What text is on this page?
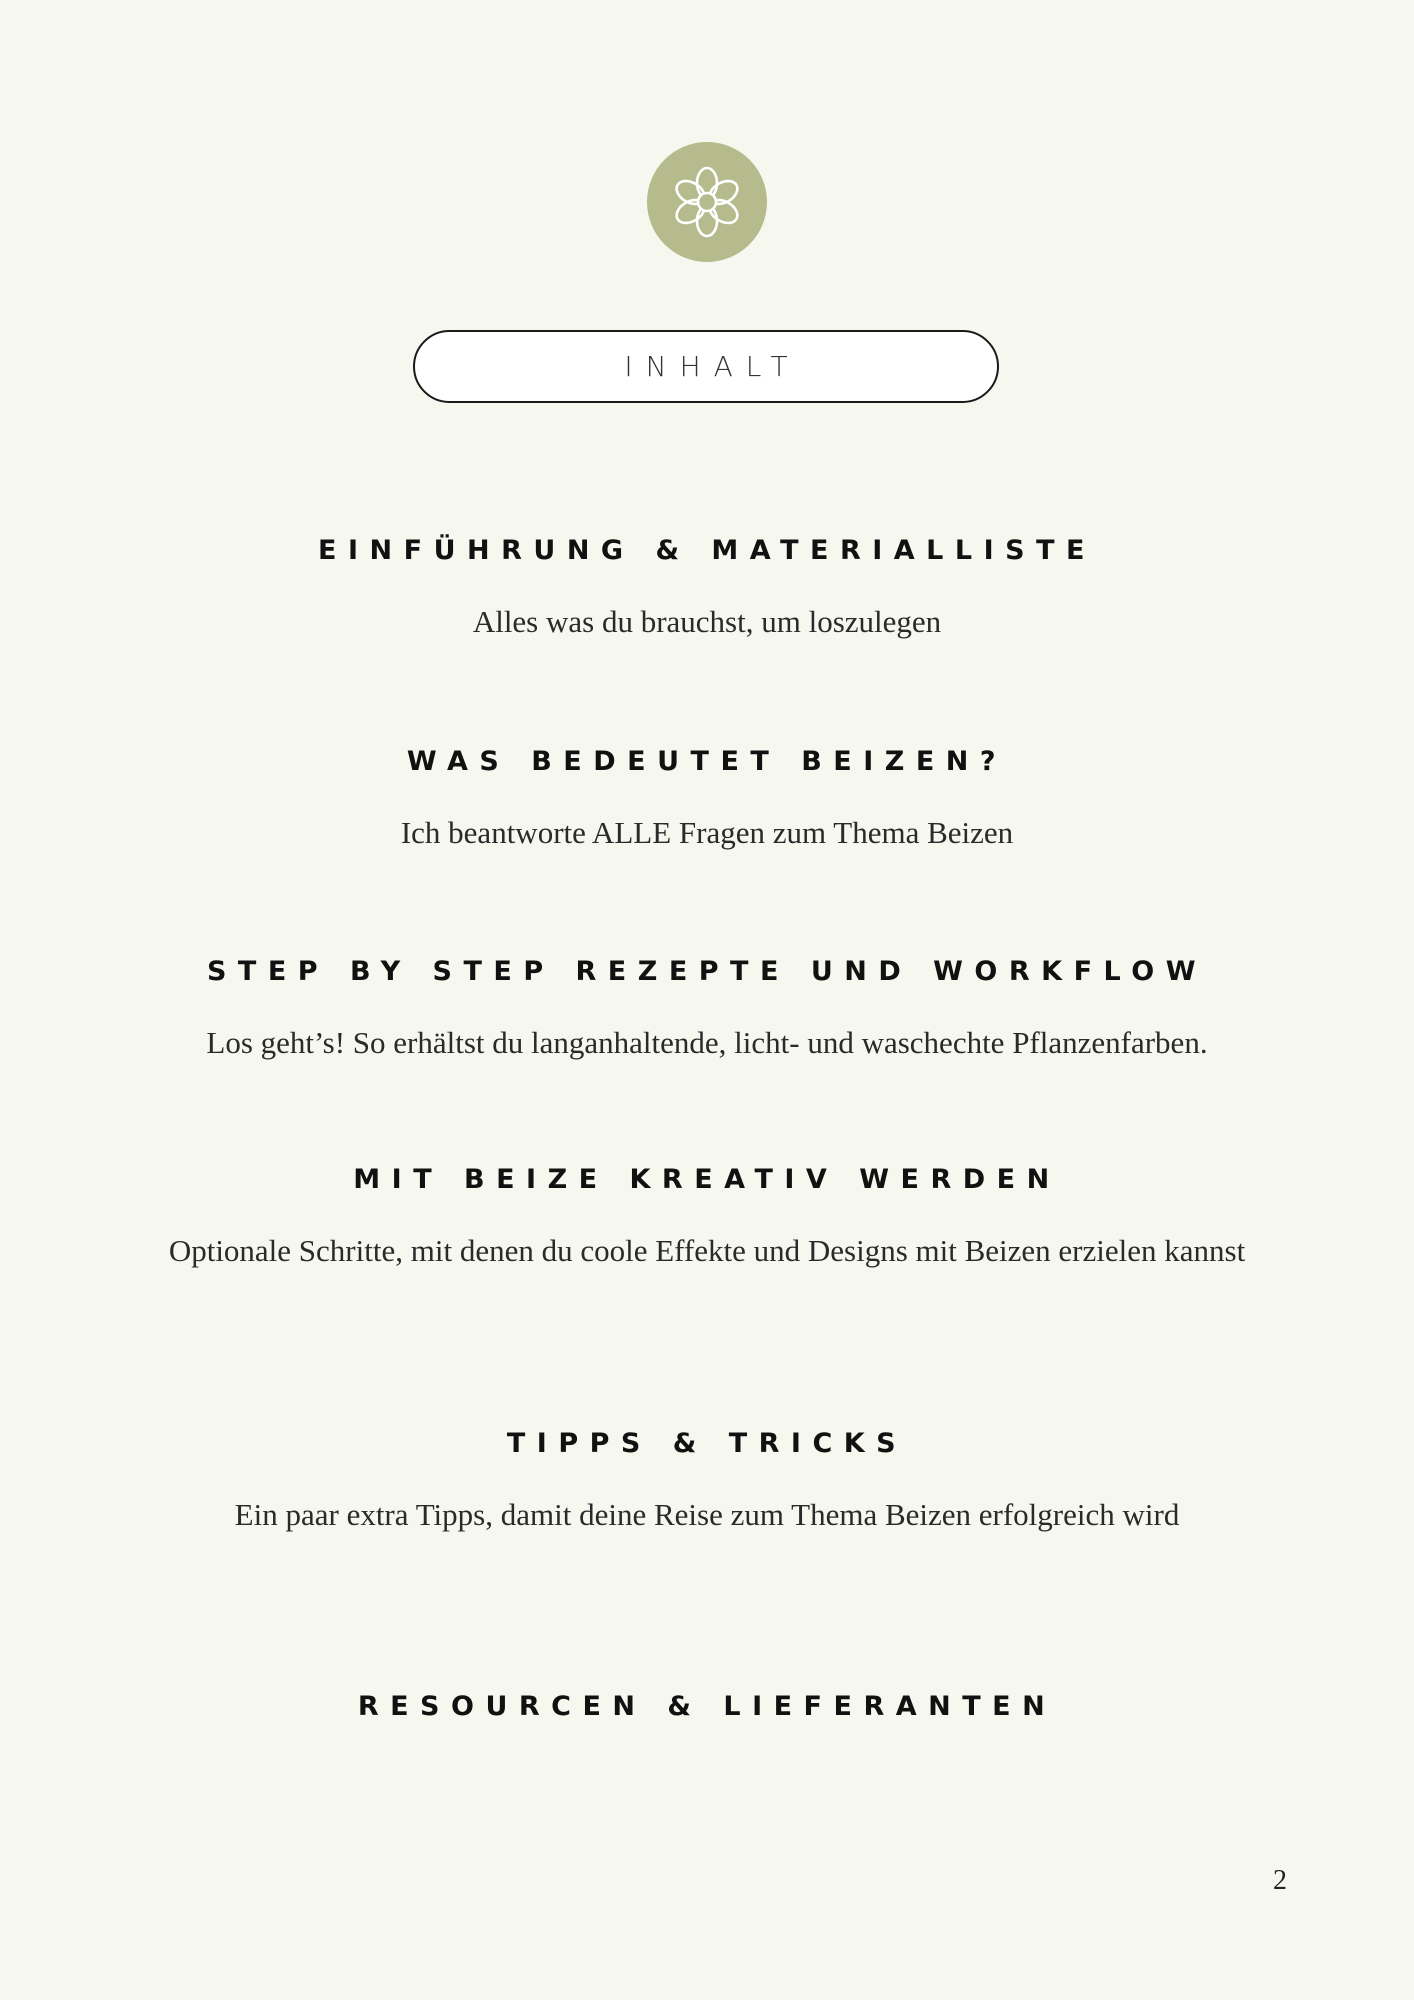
INHALT
EINFÜHRUNG & MATERIALLISTE
Alles was du brauchst, um loszulegen
WAS BEDEUTET BEIZEN?
Ich beantworte ALLE Fragen zum Thema Beizen
STEP BY STEP REZEPTE UND WORKFLOW
Los geht’s! So erhältst du langanhaltende, licht- und waschechte Pflanzenfarben.
MIT BEIZE KREATIV WERDEN
Optionale Schritte, mit denen du coole Effekte und Designs mit Beizen erzielen kannst
TIPPS & TRICKS
Ein paar extra Tipps, damit deine Reise zum Thema Beizen erfolgreich wird
RESOURCEN & LIEFERANTEN
2
